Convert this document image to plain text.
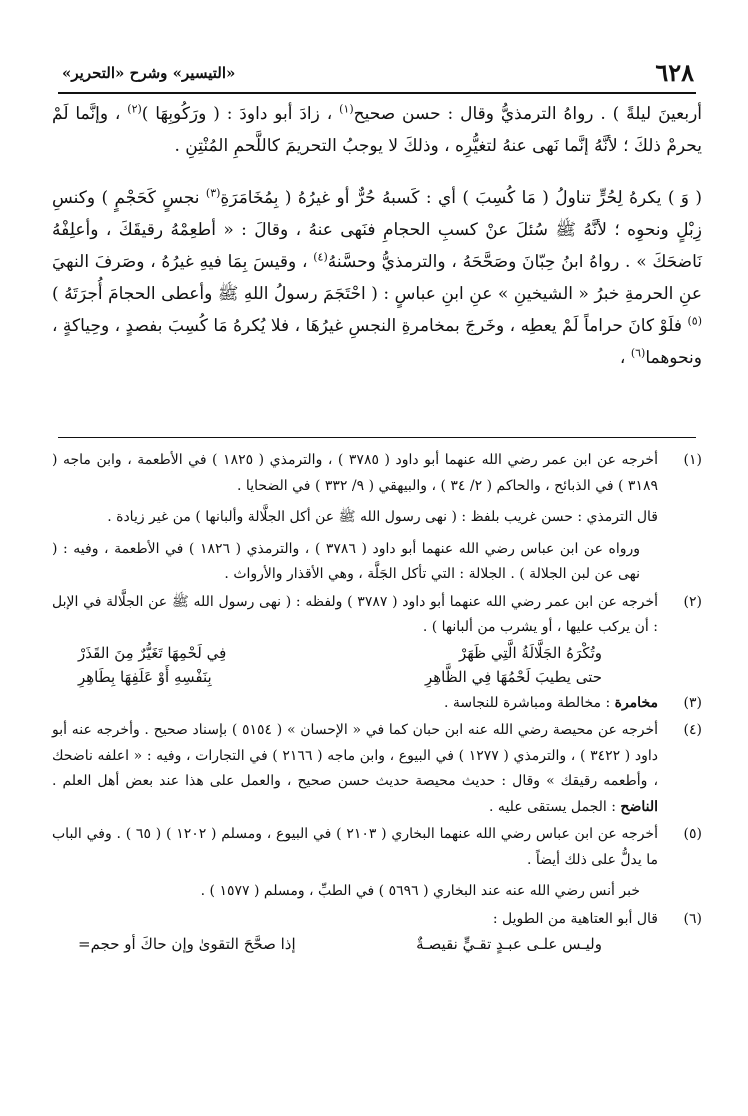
٦٢٨
«التيسير» وشرح «التحرير»

أربعينَ ليلةً ) . رواهُ الترمذيُّ وقال : حسن صحيح$^{(١)}$ ، زادَ أبو داودَ : ( ورَكُوبِهَا )$^{(٢)}$ ، وإنَّما لَمْ يحرمْ ذلكَ ؛ لأنَّهُ إنَّما نَهى عنهُ لتغيُّرِه ، وذلكَ لا يوجبُ التحريمَ كاللَّحمِ المُنْتِنِ .

( وَ ) يكرهُ لِحُرٍّ تناولُ ( مَا كُسِبَ ) أي : كَسبهُ حُرٌّ أو غيرُهُ ( بِمُخَامَرَةِ$^{(٣)}$ نجسٍ كَحَجْمٍ ) وكنسِ زِبْلٍ ونحوِه ؛ لأنَّهُ ﷺ سُئلَ عنْ كسبِ الحجامِ فنَهى عنهُ ، وقالَ : « أطعِمْهُ رقيقَكَ ، وأعلِفْهُ نَاضحَكَ » . رواهُ ابنُ حِبّانَ وصَحَّحَهُ ، والترمذيُّ وحسَّنهُ$^{(٤)}$ ، وقيسَ بِمَا فيهِ غيرُهُ ، وصَرفَ النهيَ عنِ الحرمةِ خبرُ « الشيخينِ » عنِ ابنِ عباسٍ : ( احْتَجَمَ رسولُ اللهِ ﷺ وأعطى الحجامَ أُجرَتَهُ )$^{(٥)}$ فلَوْ كانَ حراماً لَمْ يعطِه ، وخَرجَ بمخامرةِ النجسِ غيرُهَا ، فلا يُكرهُ مَا كُسِبَ بفصدٍ ، وحِياكةٍ ، ونحوهما$^{(٦)}$ ،

(١)

أخرجه عن ابن عمر رضي الله عنهما أبو داود ( ٣٧٨٥ ) ، والترمذي ( ١٨٢٥ ) في الأطعمة ، وابن ماجه ( ٣١٨٩ ) في الذبائح ، والحاكم ( ٢/ ٣٤ ) ، والبيهقي ( ٩/ ٣٣٢ ) في الضحايا .

قال الترمذي : حسن غريب بلفظ : ( نهى رسول الله ﷺ عن أكل الجلَّالة وألبانها ) من غير زيادة .

ورواه عن ابن عباس رضي الله عنهما أبو داود ( ٣٧٨٦ ) ، والترمذي ( ١٨٢٦ ) في الأطعمة ، وفيه : ( نهى عن لبن الجلالة ) . الجلالة : التي تأكل الجَلَّة ، وهي الأقذار والأرواث .

(٢)

أخرجه عن ابن عمر رضي الله عنهما أبو داود ( ٣٧٨٧ ) ولفظه : ( نهى رسول الله ﷺ عن الجلَّالة في الإبل : أن يركب عليها ، أو يشرب من ألبانها ) .

وتُكْرَهُ الجَلَّالَةُ الَّتِي ظَهَرْ
فِي لَحْمِهَا تَغَيُّرٌ مِنَ القَذَرْ
حتى يطيبَ لَحْمُهَا فِي الظَّاهِرِ
بِنَفْسِهِ أَوْ عَلَفِهَا بِطَاهِرِ
(٣)

مخامرة : مخالطة ومباشرة للنجاسة .

(٤)

أخرجه عن محيصة رضي الله عنه ابن حبان كما في « الإحسان » ( ٥١٥٤ ) بإسناد صحيح . وأخرجه عنه أبو داود ( ٣٤٢٢ ) ، والترمذي ( ١٢٧٧ ) في البيوع ، وابن ماجه ( ٢١٦٦ ) في التجارات ، وفيه : « اعلفه ناضحك ، وأطعمه رقيقك » وقال : حديث محيصة حديث حسن صحيح ، والعمل على هذا عند بعض أهل العلم . الناضح : الجمل يستقى عليه .

(٥)

أخرجه عن ابن عباس رضي الله عنهما البخاري ( ٢١٠٣ ) في البيوع ، ومسلم ( ١٢٠٢ ) ( ٦٥ ) . وفي الباب ما يدلُّ على ذلك أيضاً .

خبر أنس رضي الله عنه عند البخاري ( ٥٦٩٦ ) في الطبِّ ، ومسلم ( ١٥٧٧ ) .

(٦)

قال أبو العتاهية من الطويل :

وليـس علـى عبـدٍ تقـيٍّ نقيصـةٌ
إذا صحَّحَ التقوىٰ وإن حاكَ أو حجم=
